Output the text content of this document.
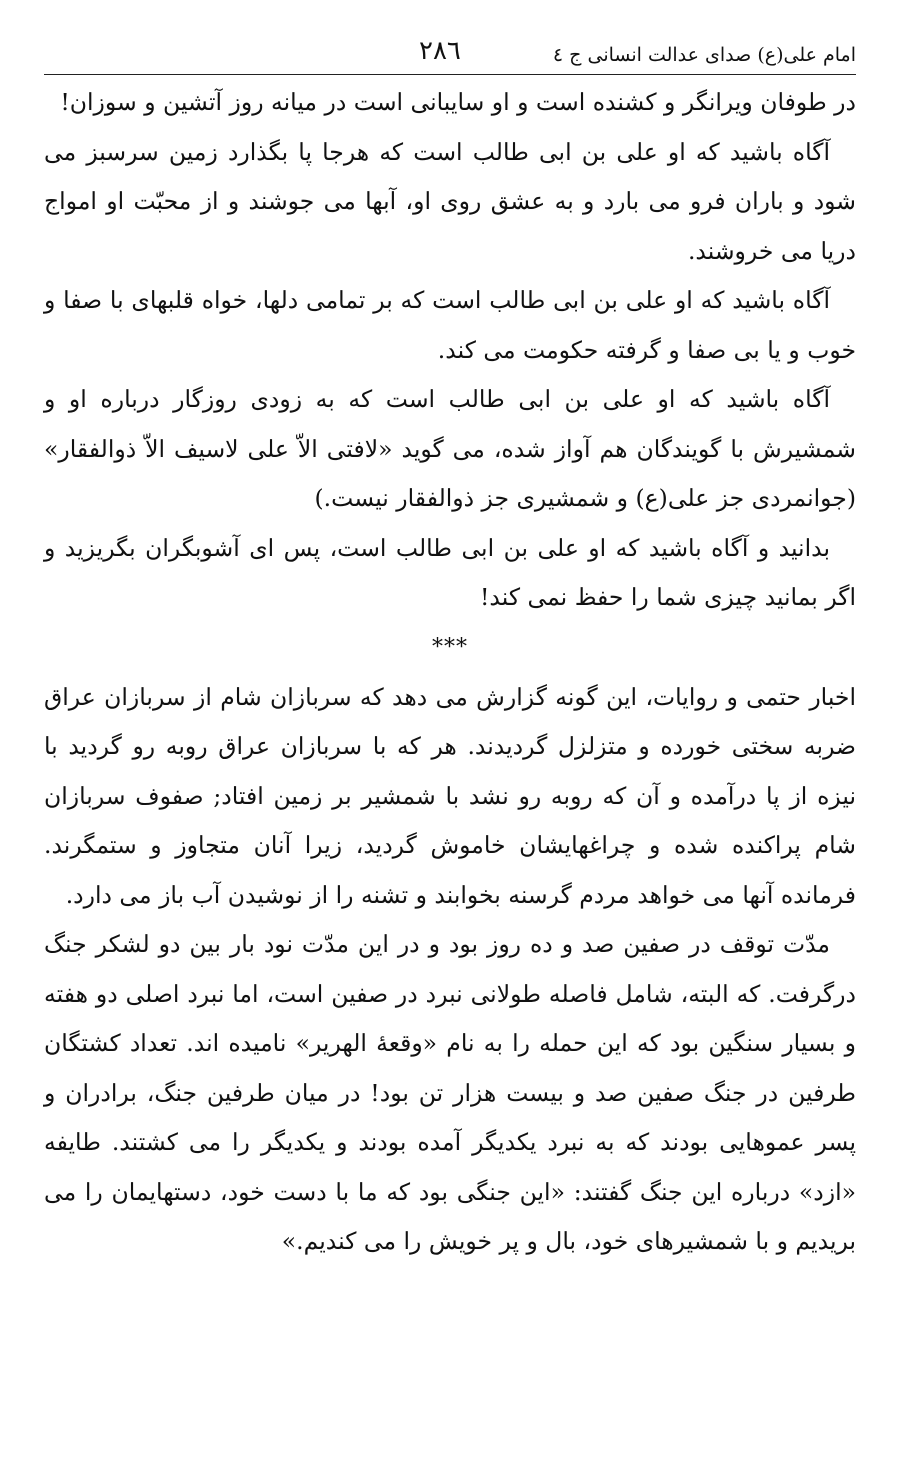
امام علی(ع) صدای عدالت انسانی ج ٤
٢٨٦

در طوفان ویرانگر و کشنده است و او سایبانی است در میانه روز آتشین و سوزان!

آگاه باشید که او علی بن ابی طالب است که هرجا پا بگذارد زمین سرسبز می شود و باران فرو می بارد و به عشق روی او، آبها می جوشند و از محبّت او امواج دریا می خروشند.

آگاه باشید که او علی بن ابی طالب است که بر تمامی دلها، خواه قلبهای با صفا و خوب و یا بی صفا و گرفته حکومت می کند.

آگاه باشید که او علی بن ابی طالب است که به زودی روزگار درباره او و شمشیرش با گویندگان هم آواز شده، می گوید «لافتی الاّ علی لاسیف الاّ ذوالفقار» (جوانمردی جز علی(ع) و شمشیری جز ذوالفقار نیست.)

بدانید و آگاه باشید که او علی بن ابی طالب است، پس ای آشوبگران بگریزید و اگر بمانید چیزی شما را حفظ نمی کند!

***

اخبار حتمی و روایات، این گونه گزارش می دهد که سربازان شام از سربازان عراق ضربه سختی خورده و متزلزل گردیدند. هر که با سربازان عراق روبه رو گردید با نیزه از پا درآمده و آن که روبه رو نشد با شمشیر بر زمین افتاد; صفوف سربازان شام پراکنده شده و چراغهایشان خاموش گردید، زیرا آنان متجاوز و ستمگرند. فرمانده آنها می خواهد مردم گرسنه بخوابند و تشنه را از نوشیدن آب باز می دارد.

مدّت توقف در صفین صد و ده روز بود و در این مدّت نود بار بین دو لشکر جنگ درگرفت. که البته، شامل فاصله طولانی نبرد در صفین است، اما نبرد اصلی دو هفته و بسیار سنگین بود که این حمله را به نام «وقعهٔ الهریر» نامیده اند. تعداد کشتگان طرفین در جنگ صفین صد و بیست هزار تن بود! در میان طرفین جنگ، برادران و پسر عموهایی بودند که به نبرد یکدیگر آمده بودند و یکدیگر را می کشتند. طایفه «ازد» درباره این جنگ گفتند: «این جنگی بود که ما با دست خود، دستهایمان را می بریدیم و با شمشیرهای خود، بال و پر خویش را می کندیم.»
